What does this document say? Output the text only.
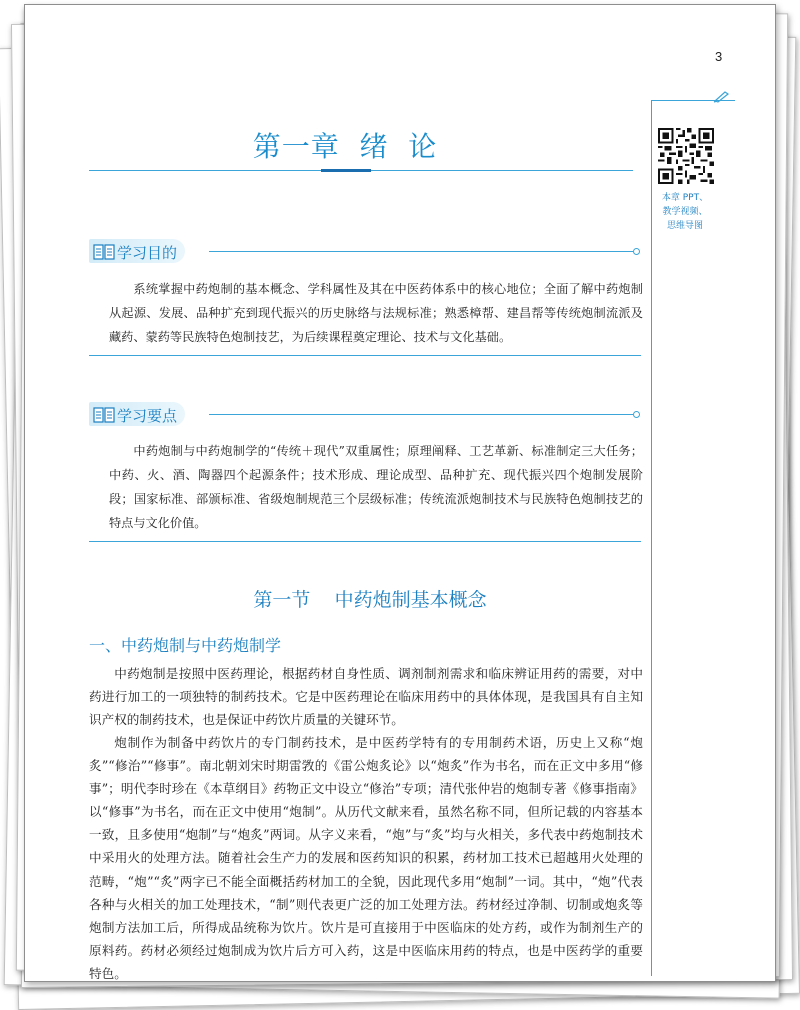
3
本章 PPT、
教学视频、
思维导图
第一章  绪  论
学习目的

系统掌握中药炮制的基本概念、学科属性及其在中医药体系中的核心地位；全面了解中药炮制从起源、发展、品种扩充到现代振兴的历史脉络与法规标准；熟悉樟帮、建昌帮等传统炮制流派及藏药、蒙药等民族特色炮制技艺，为后续课程奠定理论、技术与文化基础。

学习要点

中药炮制与中药炮制学的“传统＋现代”双重属性；原理阐释、工艺革新、标准制定三大任务；中药、火、酒、陶器四个起源条件；技术形成、理论成型、品种扩充、现代振兴四个炮制发展阶段；国家标准、部颁标准、省级炮制规范三个层级标准；传统流派炮制技术与民族特色炮制技艺的特点与文化价值。

第一节    中药炮制基本概念
一、中药炮制与中药炮制学

中药炮制是按照中医药理论，根据药材自身性质、调剂制剂需求和临床辨证用药的需要，对中药进行加工的一项独特的制药技术。它是中医药理论在临床用药中的具体体现，是我国具有自主知识产权的制药技术，也是保证中药饮片质量的关键环节。

炮制作为制备中药饮片的专门制药技术，是中医药学特有的专用制药术语，历史上又称“炮炙”“修治”“修事”。南北朝刘宋时期雷敩的《雷公炮炙论》以“炮炙”作为书名，而在正文中多用“修事”；明代李时珍在《本草纲目》药物正文中设立“修治”专项；清代张仲岩的炮制专著《修事指南》以“修事”为书名，而在正文中使用“炮制”。从历代文献来看，虽然名称不同，但所记载的内容基本一致，且多使用“炮制”与“炮炙”两词。从字义来看，“炮”与“炙”均与火相关，多代表中药炮制技术中采用火的处理方法。随着社会生产力的发展和医药知识的积累，药材加工技术已超越用火处理的范畴，“炮”“炙”两字已不能全面概括药材加工的全貌，因此现代多用“炮制”一词。其中，“炮”代表各种与火相关的加工处理技术，“制”则代表更广泛的加工处理方法。药材经过净制、切制或炮炙等炮制方法加工后，所得成品统称为饮片。饮片是可直接用于中医临床的处方药，或作为制剂生产的原料药。药材必须经过炮制成为饮片后方可入药，这是中医临床用药的特点，也是中医药学的重要特色。
